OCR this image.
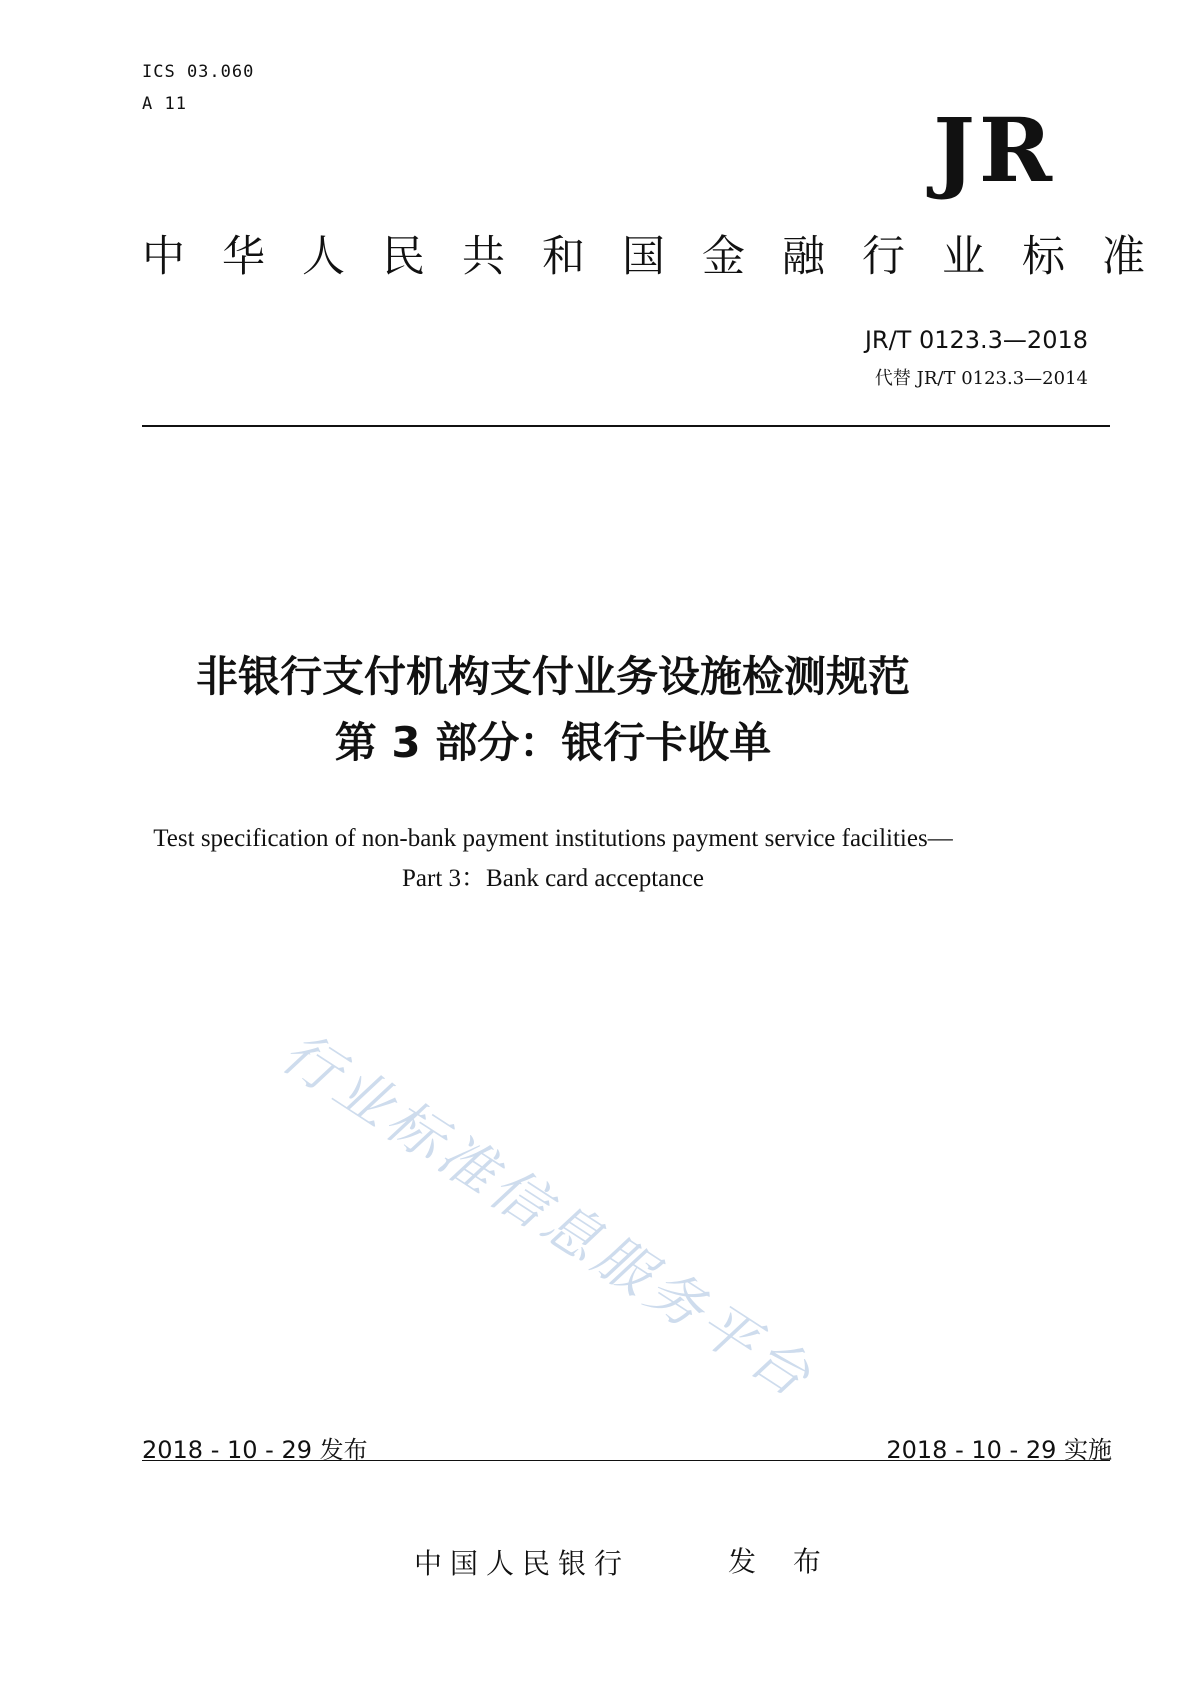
ICS 03.060
A 11	JR
中华人民共和国金融行业标准
JR/T 0123.3—2018
代替 JR/T 0123.3—2014
非银行支付机构支付业务设施检测规范
第 3 部分：银行卡收单
Test specification of non-bank payment institutions payment service facilities—
Part 3：Bank card acceptance
行业标准信息服务平台
2018 - 10 - 29 发布	2018 - 10 - 29 实施
中国人民银行	发 布
